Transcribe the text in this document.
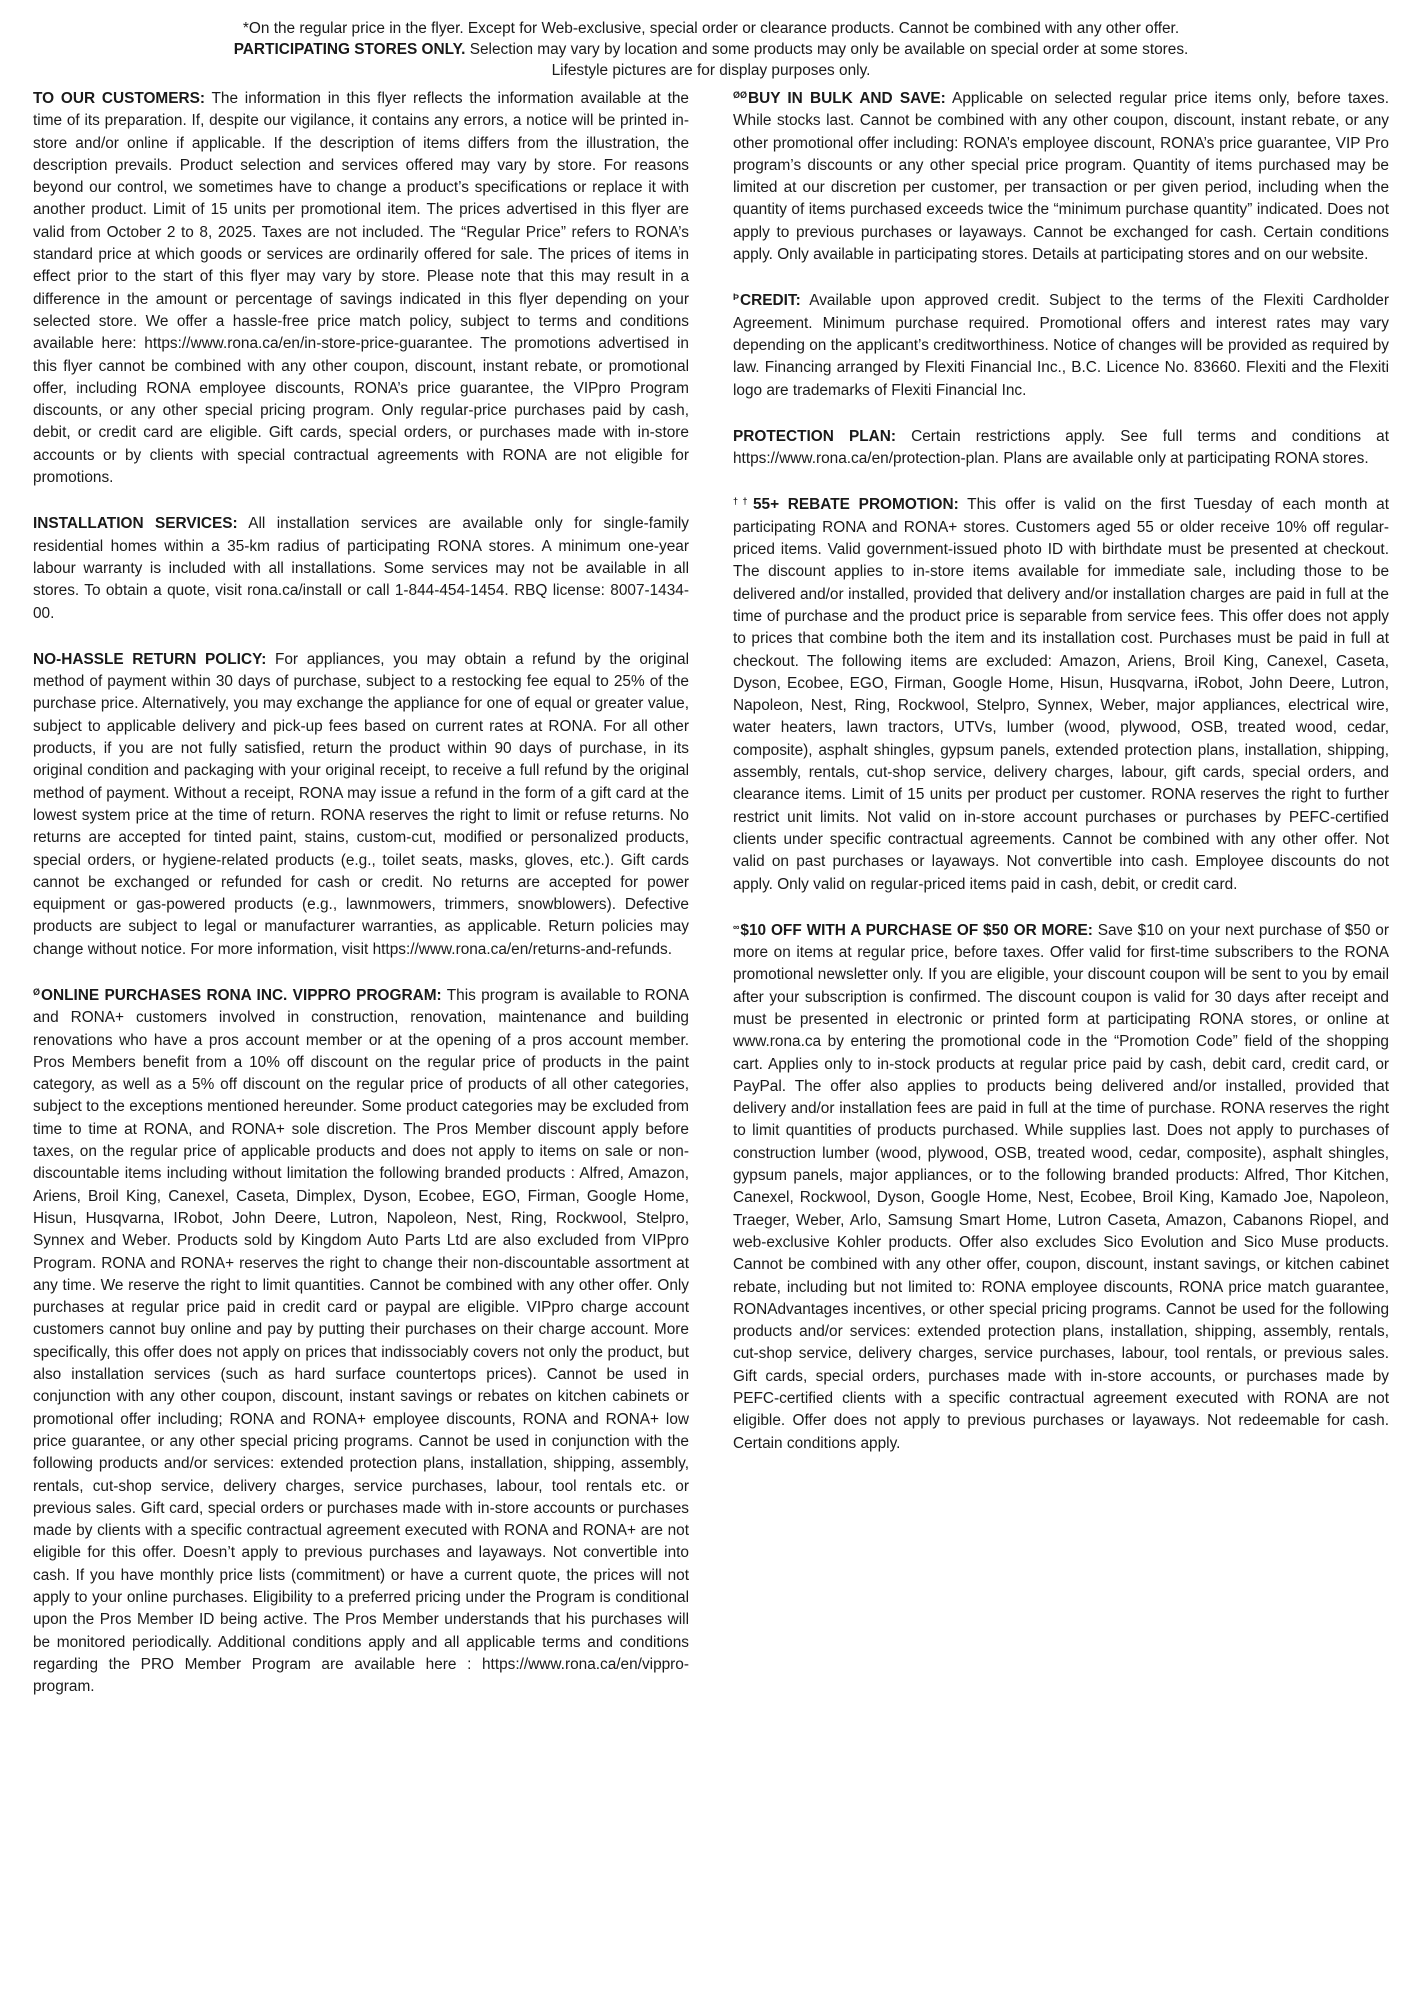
*On the regular price in the flyer. Except for Web-exclusive, special order or clearance products. Cannot be combined with any other offer.
PARTICIPATING STORES ONLY. Selection may vary by location and some products may only be available on special order at some stores.
Lifestyle pictures are for display purposes only.

TO OUR CUSTOMERS: The information in this flyer reflects the information available at the time of its preparation. If, despite our vigilance, it contains any errors, a notice will be printed in-store and/or online if applicable. If the description of items differs from the illustration, the description prevails. Product selection and services offered may vary by store. For reasons beyond our control, we sometimes have to change a product’s specifications or replace it with another product. Limit of 15 units per promotional item. The prices advertised in this flyer are valid from October 2 to 8, 2025. Taxes are not included. The “Regular Price” refers to RONA’s standard price at which goods or services are ordinarily offered for sale. The prices of items in effect prior to the start of this flyer may vary by store. Please note that this may result in a difference in the amount or percentage of savings indicated in this flyer depending on your selected store. We offer a hassle-free price match policy, subject to terms and conditions available here: https://www.rona.ca/en/in-store-price-guarantee. The promotions advertised in this flyer cannot be combined with any other coupon, discount, instant rebate, or promotional offer, including RONA employee discounts, RONA’s price guarantee, the VIPpro Program discounts, or any other special pricing program. Only regular-price purchases paid by cash, debit, or credit card are eligible. Gift cards, special orders, or purchases made with in-store accounts or by clients with special contractual agreements with RONA are not eligible for promotions.

INSTALLATION SERVICES: All installation services are available only for single-family residential homes within a 35-km radius of participating RONA stores. A minimum one-year labour warranty is included with all installations. Some services may not be available in all stores. To obtain a quote, visit rona.ca/install or call 1-844-454-1454. RBQ license: 8007-1434-00.

NO-HASSLE RETURN POLICY: For appliances, you may obtain a refund by the original method of payment within 30 days of purchase, subject to a restocking fee equal to 25% of the purchase price. Alternatively, you may exchange the appliance for one of equal or greater value, subject to applicable delivery and pick-up fees based on current rates at RONA. For all other products, if you are not fully satisfied, return the product within 90 days of purchase, in its original condition and packaging with your original receipt, to receive a full refund by the original method of payment. Without a receipt, RONA may issue a refund in the form of a gift card at the lowest system price at the time of return. RONA reserves the right to limit or refuse returns. No returns are accepted for tinted paint, stains, custom-cut, modified or personalized products, special orders, or hygiene-related products (e.g., toilet seats, masks, gloves, etc.). Gift cards cannot be exchanged or refunded for cash or credit. No returns are accepted for power equipment or gas-powered products (e.g., lawnmowers, trimmers, snowblowers). Defective products are subject to legal or manufacturer warranties, as applicable. Return policies may change without notice. For more information, visit https://www.rona.ca/en/returns-and-refunds.

$^Ø$ONLINE PURCHASES RONA INC. VIPPRO PROGRAM: This program is available to RONA and RONA+ customers involved in construction, renovation, maintenance and building renovations who have a pros account member or at the opening of a pros account member. Pros Members benefit from a 10% off discount on the regular price of products in the paint category, as well as a 5% off discount on the regular price of products of all other categories, subject to the exceptions mentioned hereunder. Some product categories may be excluded from time to time at RONA, and RONA+ sole discretion. The Pros Member discount apply before taxes, on the regular price of applicable products and does not apply to items on sale or non-discountable items including without limitation the following branded products : Alfred, Amazon, Ariens, Broil King, Canexel, Caseta, Dimplex, Dyson, Ecobee, EGO, Firman, Google Home, Hisun, Husqvarna, IRobot, John Deere, Lutron, Napoleon, Nest, Ring, Rockwool, Stelpro, Synnex and Weber. Products sold by Kingdom Auto Parts Ltd are also excluded from VIPpro Program. RONA and RONA+ reserves the right to change their non-discountable assortment at any time. We reserve the right to limit quantities. Cannot be combined with any other offer. Only purchases at regular price paid in credit card or paypal are eligible. VIPpro charge account customers cannot buy online and pay by putting their purchases on their charge account. More specifically, this offer does not apply on prices that indissociably covers not only the product, but also installation services (such as hard surface countertops prices). Cannot be used in conjunction with any other coupon, discount, instant savings or rebates on kitchen cabinets or promotional offer including; RONA and RONA+ employee discounts, RONA and RONA+ low price guarantee, or any other special pricing programs. Cannot be used in conjunction with the following products and/or services: extended protection plans, installation, shipping, assembly, rentals, cut-shop service, delivery charges, service purchases, labour, tool rentals etc. or previous sales. Gift card, special orders or purchases made with in-store accounts or purchases made by clients with a specific contractual agreement executed with RONA and RONA+ are not eligible for this offer. Doesn’t apply to previous purchases and layaways. Not convertible into cash. If you have monthly price lists (commitment) or have a current quote, the prices will not apply to your online purchases. Eligibility to a preferred pricing under the Program is conditional upon the Pros Member ID being active. The Pros Member understands that his purchases will be monitored periodically. Additional conditions apply and all applicable terms and conditions regarding the PRO Member Program are available here : https://www.rona.ca/en/vippro-program.

$^{ØØ}$BUY IN BULK AND SAVE: Applicable on selected regular price items only, before taxes. While stocks last. Cannot be combined with any other coupon, discount, instant rebate, or any other promotional offer including: RONA’s employee discount, RONA’s price guarantee, VIP Pro program’s discounts or any other special price program. Quantity of items purchased may be limited at our discretion per customer, per transaction or per given period, including when the quantity of items purchased exceeds twice the “minimum purchase quantity” indicated. Does not apply to previous purchases or layaways. Cannot be exchanged for cash. Certain conditions apply. Only available in participating stores. Details at participating stores and on our website.

$^Þ$CREDIT: Available upon approved credit. Subject to the terms of the Flexiti Cardholder Agreement. Minimum purchase required. Promotional offers and interest rates may vary depending on the applicant’s creditworthiness. Notice of changes will be provided as required by law. Financing arranged by Flexiti Financial Inc., B.C. Licence No. 83660. Flexiti and the Flexiti logo are trademarks of Flexiti Financial Inc.

PROTECTION PLAN: Certain restrictions apply. See full terms and conditions at https://www.rona.ca/en/protection-plan. Plans are available only at participating RONA stores.

††55+ REBATE PROMOTION: This offer is valid on the first Tuesday of each month at participating RONA and RONA+ stores. Customers aged 55 or older receive 10% off regular-priced items. Valid government-issued photo ID with birthdate must be presented at checkout. The discount applies to in-store items available for immediate sale, including those to be delivered and/or installed, provided that delivery and/or installation charges are paid in full at the time of purchase and the product price is separable from service fees. This offer does not apply to prices that combine both the item and its installation cost. Purchases must be paid in full at checkout. The following items are excluded: Amazon, Ariens, Broil King, Canexel, Caseta, Dyson, Ecobee, EGO, Firman, Google Home, Hisun, Husqvarna, iRobot, John Deere, Lutron, Napoleon, Nest, Ring, Rockwool, Stelpro, Synnex, Weber, major appliances, electrical wire, water heaters, lawn tractors, UTVs, lumber (wood, plywood, OSB, treated wood, cedar, composite), asphalt shingles, gypsum panels, extended protection plans, installation, shipping, assembly, rentals, cut-shop service, delivery charges, labour, gift cards, special orders, and clearance items. Limit of 15 units per product per customer. RONA reserves the right to further restrict unit limits. Not valid on in-store account purchases or purchases by PEFC-certified clients under specific contractual agreements. Cannot be combined with any other offer. Not valid on past purchases or layaways. Not convertible into cash. Employee discounts do not apply. Only valid on regular-priced items paid in cash, debit, or credit card.

∞$10 OFF WITH A PURCHASE OF $50 OR MORE: Save $10 on your next purchase of $50 or more on items at regular price, before taxes. Offer valid for first-time subscribers to the RONA promotional newsletter only. If you are eligible, your discount coupon will be sent to you by email after your subscription is confirmed. The discount coupon is valid for 30 days after receipt and must be presented in electronic or printed form at participating RONA stores, or online at www.rona.ca by entering the promotional code in the “Promotion Code” field of the shopping cart. Applies only to in-stock products at regular price paid by cash, debit card, credit card, or PayPal. The offer also applies to products being delivered and/or installed, provided that delivery and/or installation fees are paid in full at the time of purchase. RONA reserves the right to limit quantities of products purchased. While supplies last. Does not apply to purchases of construction lumber (wood, plywood, OSB, treated wood, cedar, composite), asphalt shingles, gypsum panels, major appliances, or to the following branded products: Alfred, Thor Kitchen, Canexel, Rockwool, Dyson, Google Home, Nest, Ecobee, Broil King, Kamado Joe, Napoleon, Traeger, Weber, Arlo, Samsung Smart Home, Lutron Caseta, Amazon, Cabanons Riopel, and web-exclusive Kohler products. Offer also excludes Sico Evolution and Sico Muse products. Cannot be combined with any other offer, coupon, discount, instant savings, or kitchen cabinet rebate, including but not limited to: RONA employee discounts, RONA price match guarantee, RONAdvantages incentives, or other special pricing programs. Cannot be used for the following products and/or services: extended protection plans, installation, shipping, assembly, rentals, cut-shop service, delivery charges, service purchases, labour, tool rentals, or previous sales. Gift cards, special orders, purchases made with in-store accounts, or purchases made by PEFC-certified clients with a specific contractual agreement executed with RONA are not eligible. Offer does not apply to previous purchases or layaways. Not redeemable for cash. Certain conditions apply.
